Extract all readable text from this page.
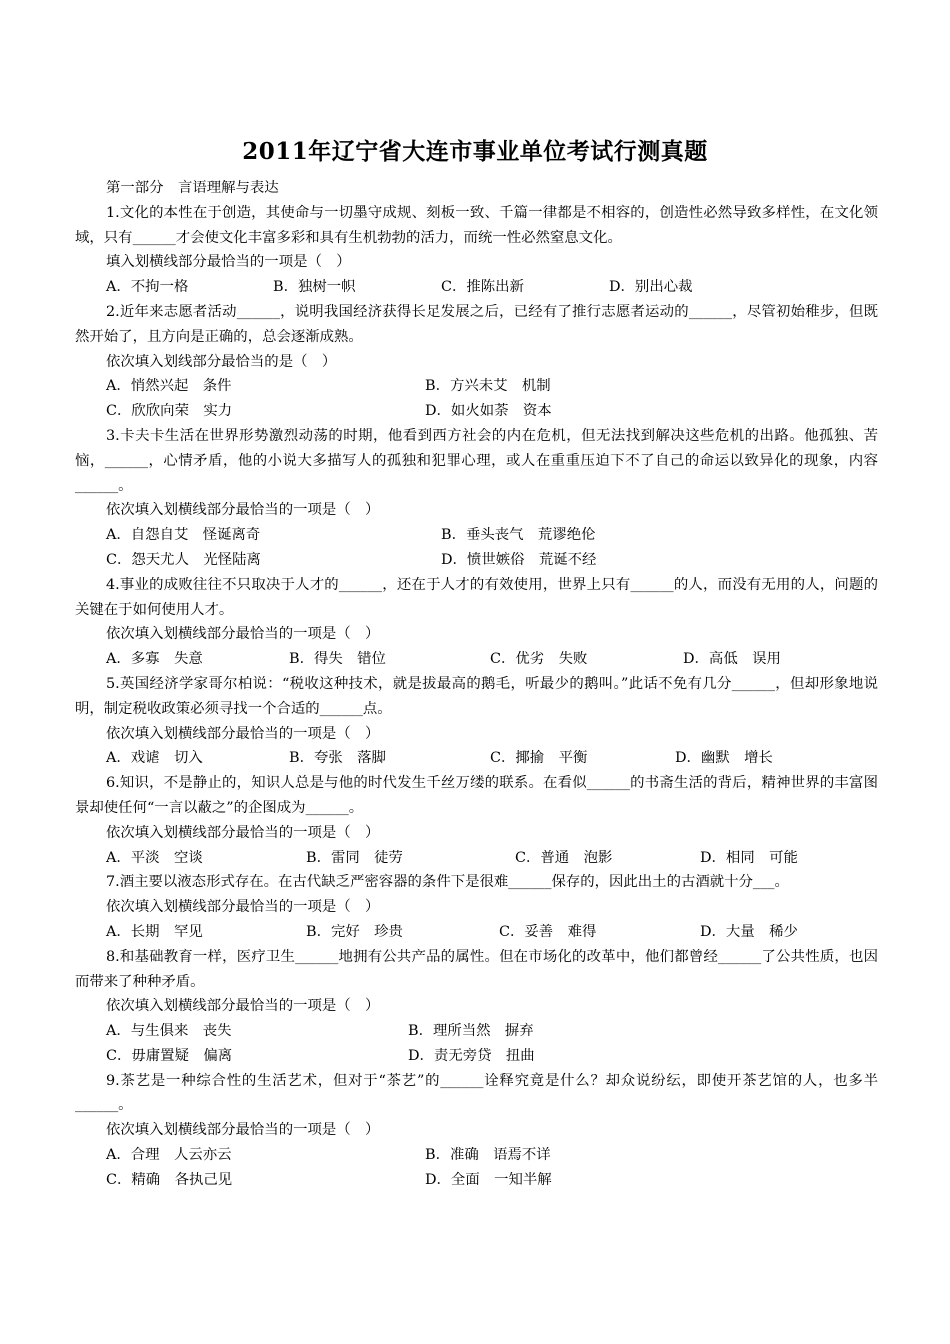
2011年辽宁省大连市事业单位考试行测真题
第一部分　言语理解与表达
1.文化的本性在于创造，其使命与一切墨守成规、刻板一致、千篇一律都是不相容的，创造性必然导致多样性，在文化领域，只有______才会使文化丰富多彩和具有生机勃勃的活力，而统一性必然窒息文化。
填入划横线部分最恰当的一项是（　）
A．不拘一格	B．独树一帜	C．推陈出新	D．别出心裁
2.近年来志愿者活动______，说明我国经济获得长足发展之后，已经有了推行志愿者运动的______，尽管初始稚步，但既然开始了，且方向是正确的，总会逐渐成熟。
依次填入划线部分最恰当的是（　）
A．悄然兴起　条件	B．方兴未艾　机制
C．欣欣向荣　实力	D．如火如荼　资本
3.卡夫卡生活在世界形势激烈动荡的时期，他看到西方社会的内在危机，但无法找到解决这些危机的出路。他孤独、苦恼，______，心情矛盾，他的小说大多描写人的孤独和犯罪心理，或人在重重压迫下不了自己的命运以致异化的现象，内容______。
依次填入划横线部分最恰当的一项是（　）
A．自怨自艾　怪诞离奇	B．垂头丧气　荒谬绝伦
C．怨天尤人　光怪陆离	D．愤世嫉俗　荒诞不经
4.事业的成败往往不只取决于人才的______，还在于人才的有效使用，世界上只有______的人，而没有无用的人，问题的关键在于如何使用人才。
依次填入划横线部分最恰当的一项是（　）
A．多寡　失意	B．得失　错位	C．优劣　失败	D．高低　误用
5.英国经济学家哥尔柏说：“税收这种技术，就是拔最高的鹅毛，听最少的鹅叫。”此话不免有几分______，但却形象地说明，制定税收政策必须寻找一个合适的______点。
依次填入划横线部分最恰当的一项是（　）
A．戏谑　切入	B．夸张　落脚	C．揶揄　平衡	D．幽默　增长
6.知识，不是静止的，知识人总是与他的时代发生千丝万缕的联系。在看似______的书斋生活的背后，精神世界的丰富图景却使任何“一言以蔽之”的企图成为______。
依次填入划横线部分最恰当的一项是（　）
A．平淡　空谈	B．雷同　徒劳	C．普通　泡影	D．相同　可能
7.酒主要以液态形式存在。在古代缺乏严密容器的条件下是很难______保存的，因此出土的古酒就十分___。
依次填入划横线部分最恰当的一项是（　）
A．长期　罕见	B．完好　珍贵	C．妥善　难得	D．大量　稀少
8.和基础教育一样，医疗卫生______地拥有公共产品的属性。但在市场化的改革中，他们都曾经______了公共性质，也因而带来了种种矛盾。
依次填入划横线部分最恰当的一项是（　）
A．与生俱来　丧失	B．理所当然　摒弃
C．毋庸置疑　偏离	D．责无旁贷　扭曲
9.茶艺是一种综合性的生活艺术，但对于“茶艺”的______诠释究竟是什么？却众说纷纭，即使开茶艺馆的人，也多半______。
依次填入划横线部分最恰当的一项是（　）
A．合理　人云亦云	B．准确　语焉不详
C．精确　各执己见	D．全面　一知半解
